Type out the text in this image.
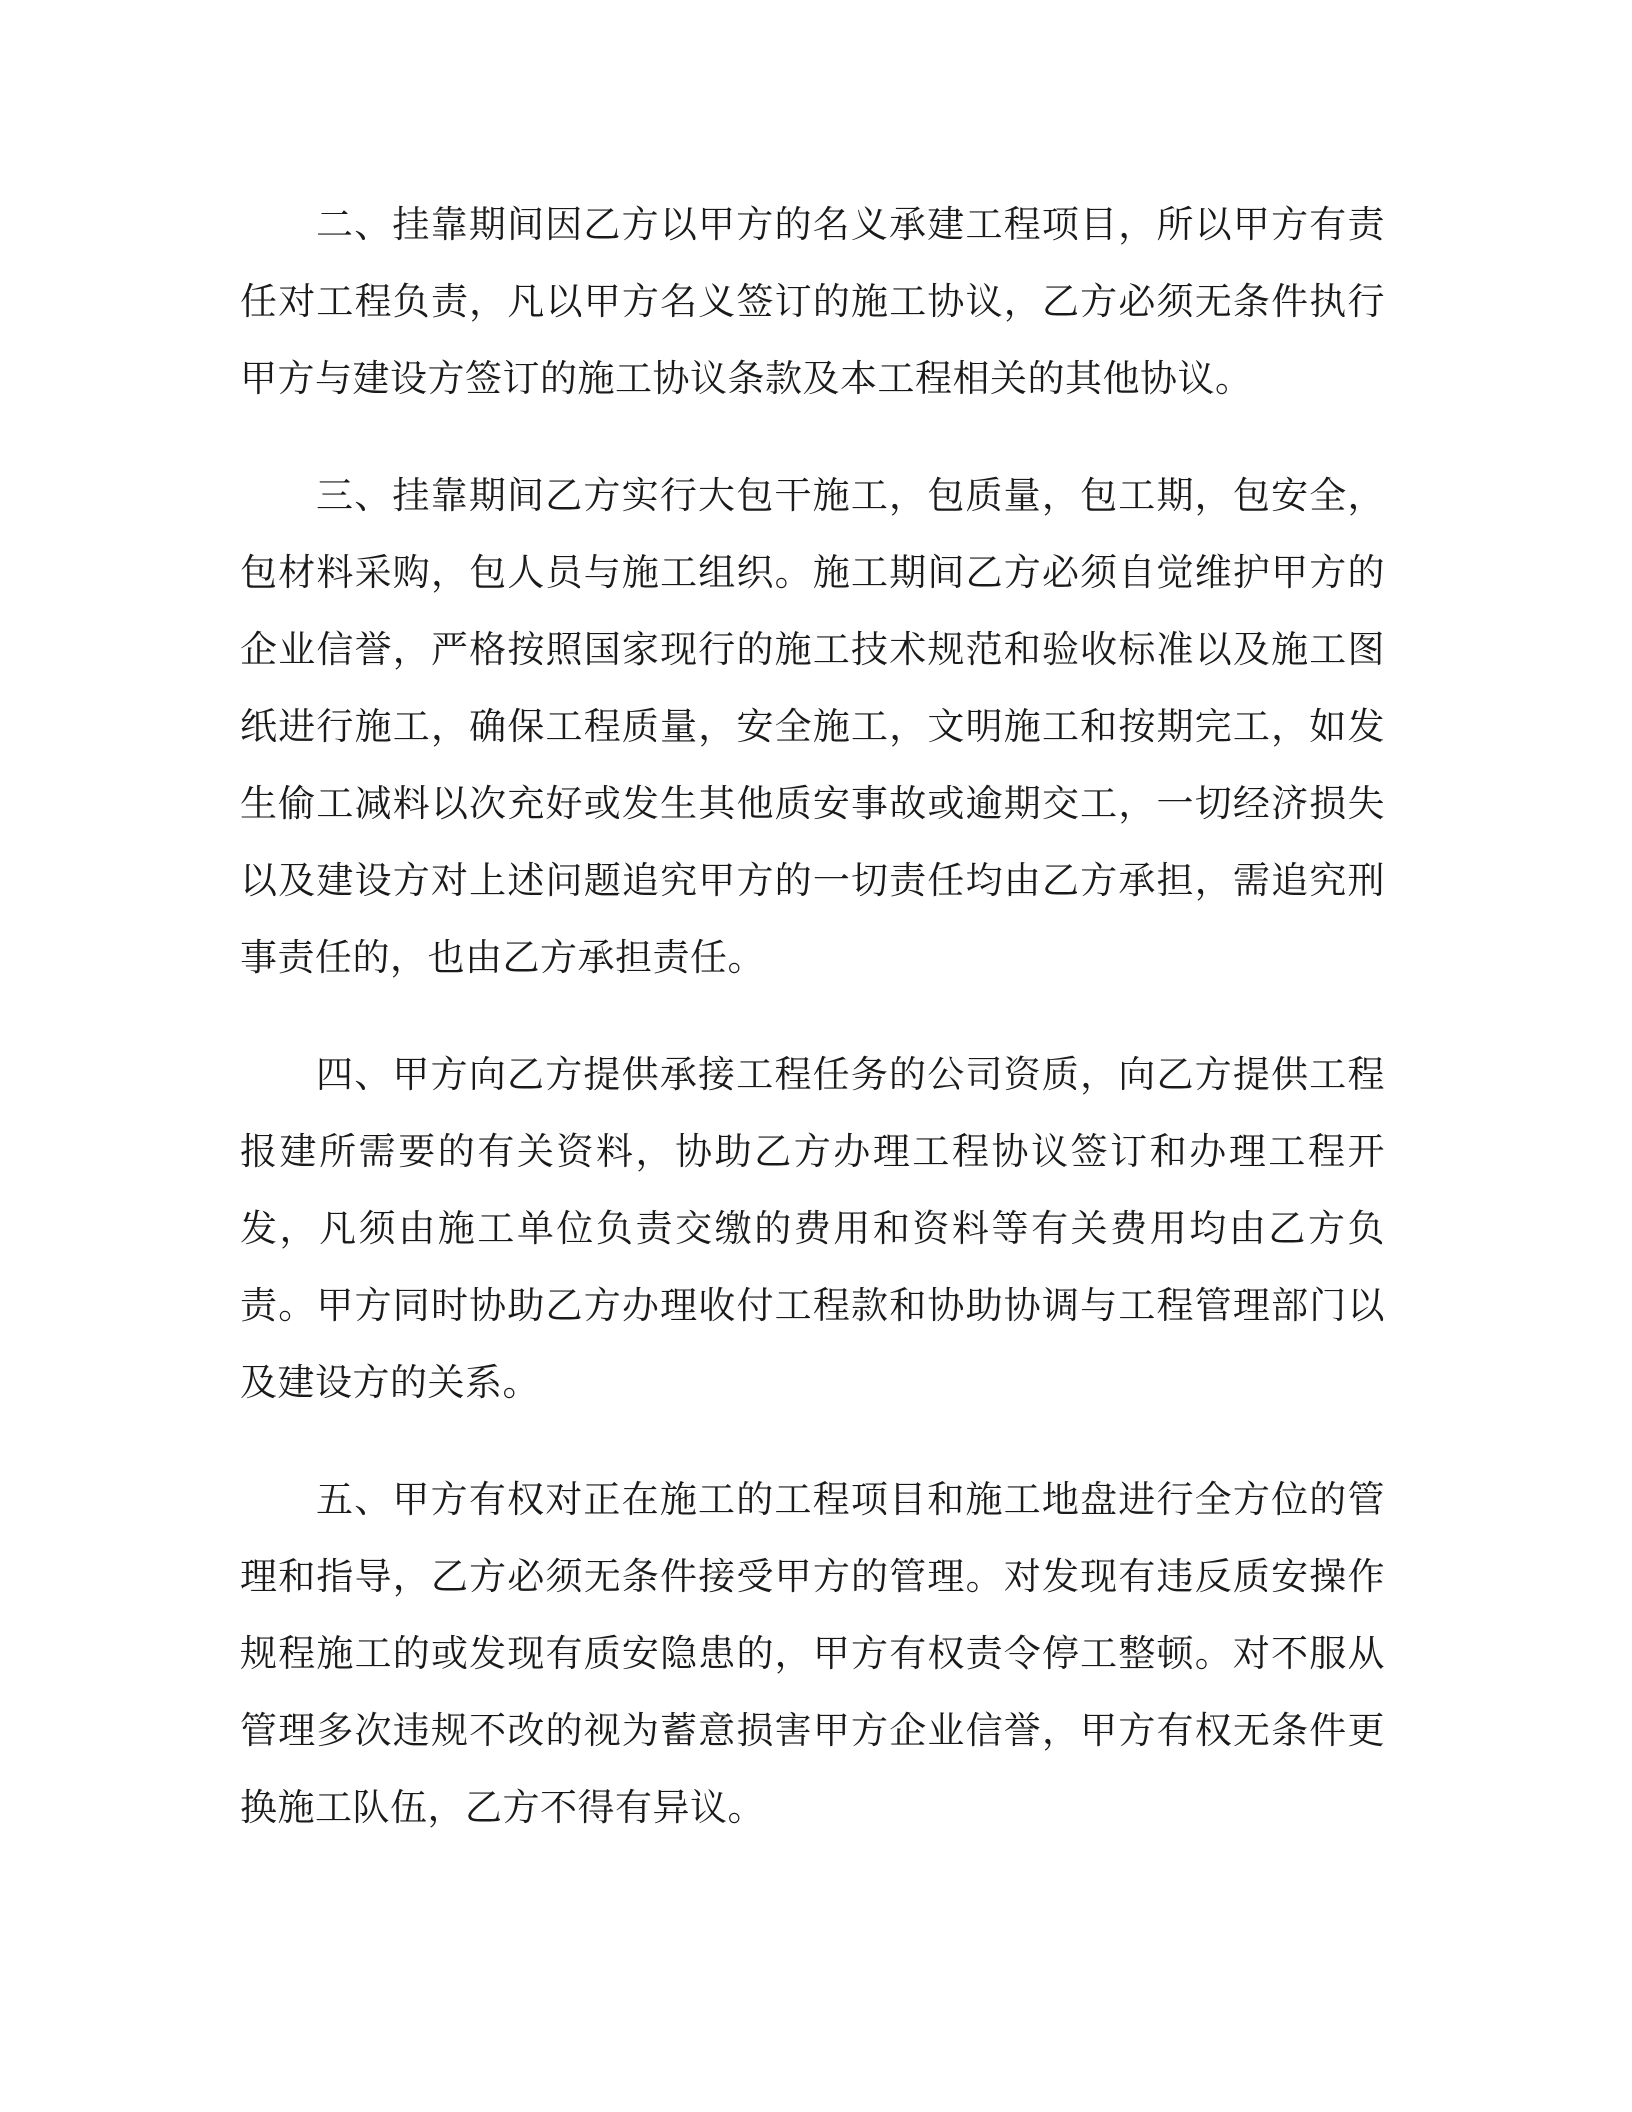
二、挂靠期间因乙方以甲方的名义承建工程项目，所以甲方有责任对工程负责，凡以甲方名义签订的施工协议，乙方必须无条件执行甲方与建设方签订的施工协议条款及本工程相关的其他协议。

三、挂靠期间乙方实行大包干施工，包质量，包工期，包安全，包材料采购，包人员与施工组织。施工期间乙方必须自觉维护甲方的企业信誉，严格按照国家现行的施工技术规范和验收标准以及施工图纸进行施工，确保工程质量，安全施工，文明施工和按期完工，如发生偷工减料以次充好或发生其他质安事故或逾期交工，一切经济损失以及建设方对上述问题追究甲方的一切责任均由乙方承担，需追究刑事责任的，也由乙方承担责任。

四、甲方向乙方提供承接工程任务的公司资质，向乙方提供工程报建所需要的有关资料，协助乙方办理工程协议签订和办理工程开发，凡须由施工单位负责交缴的费用和资料等有关费用均由乙方负责。甲方同时协助乙方办理收付工程款和协助协调与工程管理部门以及建设方的关系。

五、甲方有权对正在施工的工程项目和施工地盘进行全方位的管理和指导，乙方必须无条件接受甲方的管理。对发现有违反质安操作规程施工的或发现有质安隐患的，甲方有权责令停工整顿。对不服从管理多次违规不改的视为蓄意损害甲方企业信誉，甲方有权无条件更换施工队伍，乙方不得有异议。
